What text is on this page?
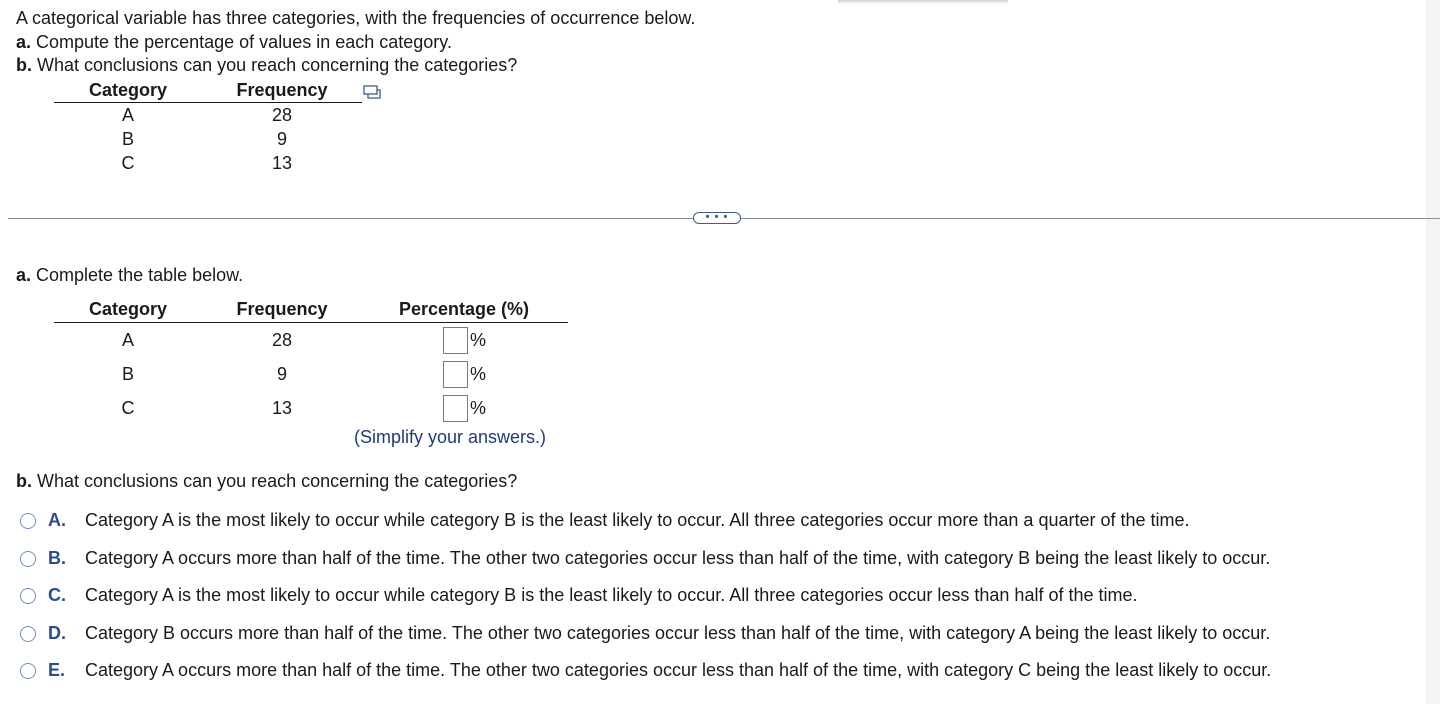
A categorical variable has three categories, with the frequencies of occurrence below.
a. Compute the percentage of values in each category.
b. What conclusions can you reach concerning the categories?
Category	Frequency
A	28
B	9
C	13
• • •
a. Complete the table below.
Category	Frequency	Percentage (%)
A	28	%
B	9	%
C	13	%
(Simplify your answers.)
b. What conclusions can you reach concerning the categories?
A. Category A is the most likely to occur while category B is the least likely to occur. All three categories occur more than a quarter of the time.
B. Category A occurs more than half of the time. The other two categories occur less than half of the time, with category B being the least likely to occur.
C. Category A is the most likely to occur while category B is the least likely to occur. All three categories occur less than half of the time.
D. Category B occurs more than half of the time. The other two categories occur less than half of the time, with category A being the least likely to occur.
E. Category A occurs more than half of the time. The other two categories occur less than half of the time, with category C being the least likely to occur.
